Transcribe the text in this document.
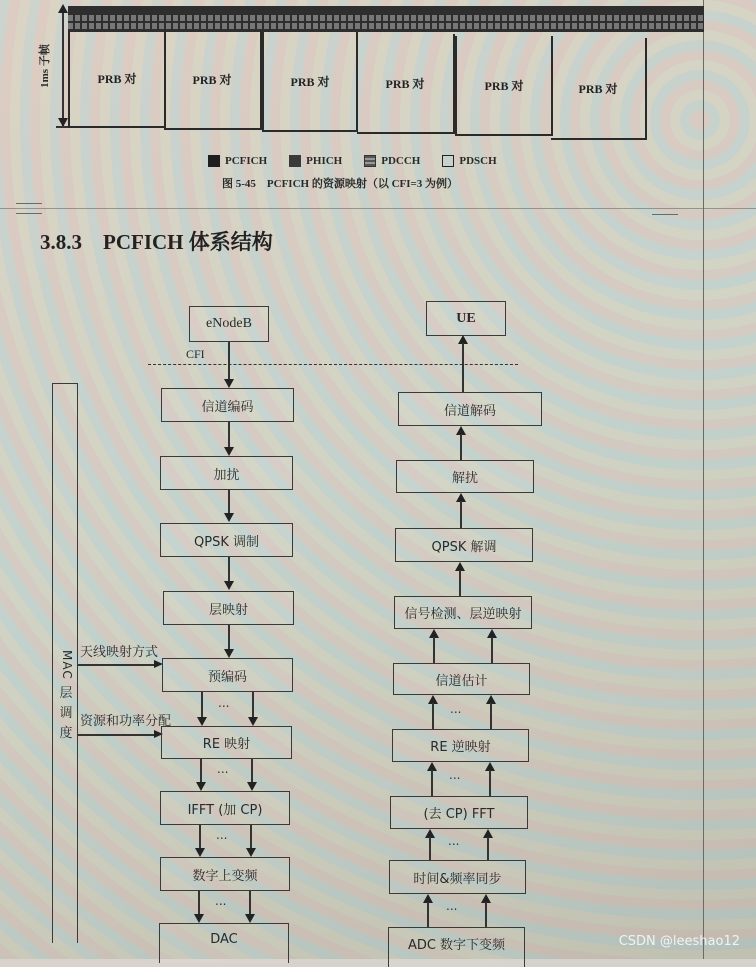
1ms 子帧	PRB 对	PRB 对	PRB 对	PRB 对	PRB 对	PRB 对
PCFICH	PHICH	PDCCH	PDSCH
图 5-45　PCFICH 的资源映射（以 CFI=3 为例）
3.8.3　PCFICH 体系结构
CFI
MAC
层
调
度
天线映射方式
资源和功率分配
eNodeB
信道编码
加扰
QPSK 调制
层映射
预编码
...
RE 映射
...
IFFT (加 CP)
...
数字上变频
...
DAC
UE
信道解码
解扰
QPSK 解调
信号检测、层逆映射
信道估计
...
RE 逆映射
...
(去 CP) FFT
...
时间&频率同步
...
ADC 数字下变频	CSDN @leeshao12
